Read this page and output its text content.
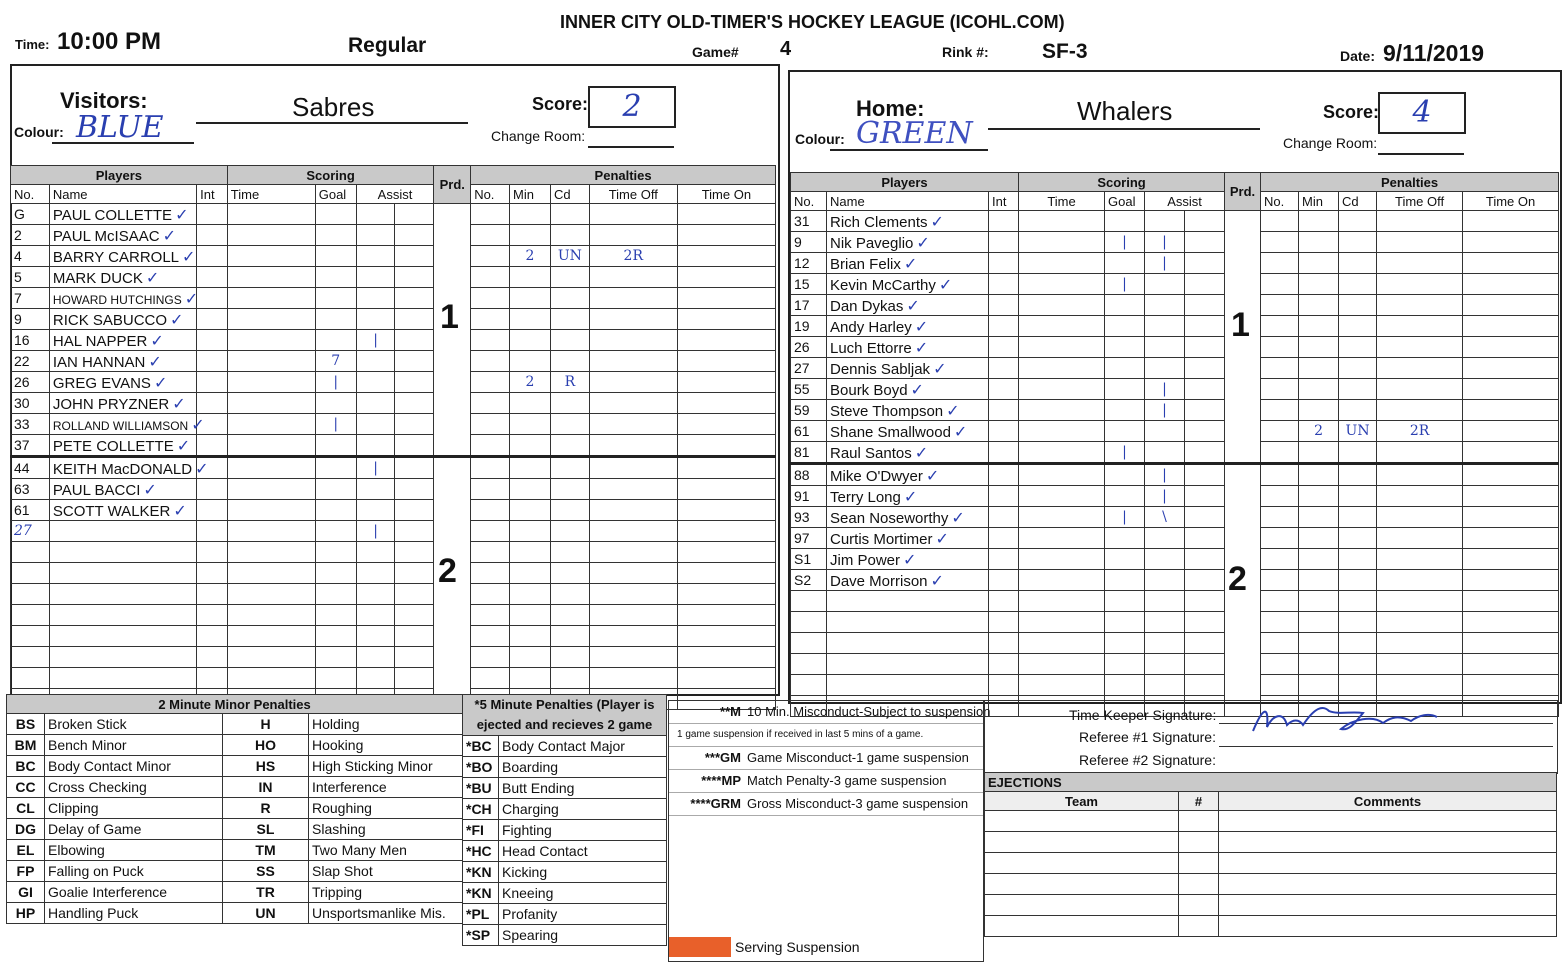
INNER CITY OLD-TIMER'S HOCKEY LEAGUE (ICOHL.COM)
Time: 10:00 PM	Regular	Game# 4	Rink #:	SF-3	Date: 9/11/2019
Visitors:	Sabres
Colour: BLUE
Score:	2
Change Room:
Players			Scoring				Prd.	Penalties				
No.	Name	Int	Time	Goal	Assist			No.	Min	Cd	Time Off	Time On
G	PAUL COLLETTE ✓											
2	PAUL McISAAC ✓											
4	BARRY CARROLL ✓								2	UN	2R	
5	MARK DUCK ✓											
7	HOWARD HUTCHINGS ✓											
9	RICK SABUCCO ✓											
16	HAL NAPPER ✓				|							
22	IAN HANNAN ✓			7								
26	GREG EVANS ✓			|					2	R		
30	JOHN PRYZNER ✓											
33	ROLLAND WILLIAMSON ✓			|								
37	PETE COLLETTE ✓											
44	KEITH MacDONALD ✓				|							
63	PAUL BACCI ✓											
61	SCOTT WALKER ✓											
27					|							

Home:	Whalers
Colour: GREEN
Score:	4
Change Room:
Players			Scoring				Prd.	Penalties				
No.	Name	Int	Time	Goal	Assist			No.	Min	Cd	Time Off	Time On
31	Rich Clements ✓											
9	Nik Paveglio ✓			|	|							
12	Brian Felix ✓				|							
15	Kevin McCarthy ✓			|								
17	Dan Dykas ✓											
19	Andy Harley ✓											
26	Luch Ettorre ✓											
27	Dennis Sabljak ✓											
55	Bourk Boyd ✓				|							
59	Steve Thompson ✓				|							
61	Shane Smallwood ✓								2	UN	2R	
81	Raul Santos ✓			|								
88	Mike O'Dwyer ✓				|							
91	Terry Long ✓				|							
93	Sean Noseworthy ✓			|	\							
97	Curtis Mortimer ✓											
S1	Jim Power ✓											
S2	Dave Morrison ✓											

1
2
1
2
2 Minute Minor Penalties			
BS	Broken Stick	H	Holding
BM	Bench Minor	HO	Hooking
BC	Body Contact Minor	HS	High Sticking Minor
CC	Cross Checking	IN	Interference
CL	Clipping	R	Roughing
DG	Delay of Game	SL	Slashing
EL	Elbowing	TM	Two Many Men
FP	Falling on Puck	SS	Slap Shot
GI	Goalie Interference	TR	Tripping
HP	Handling Puck	UN	Unsportsmanlike Mis.
*5 Minute Penalties (Player is ejected and recieves 2 game	
*BC	Body Contact Major
*BO	Boarding
*BU	Butt Ending
*CH	Charging
*FI	Fighting
*HC	Head Contact
*KN	Kicking
*KN	Kneeing
*PL	Profanity
*SP	Spearing
**M 10 Min. Misconduct-Subject to suspension
1 game suspension if received in last 5 mins of a game.
***GM Game Misconduct-1 game suspension
****MP Match Penalty-3 game suspension
****GRM Gross Misconduct-3 game suspension
Serving Suspension
Time Keeper Signature:
Referee #1 Signature:
Referee #2 Signature:
EJECTIONS		
Team	#	Comments
